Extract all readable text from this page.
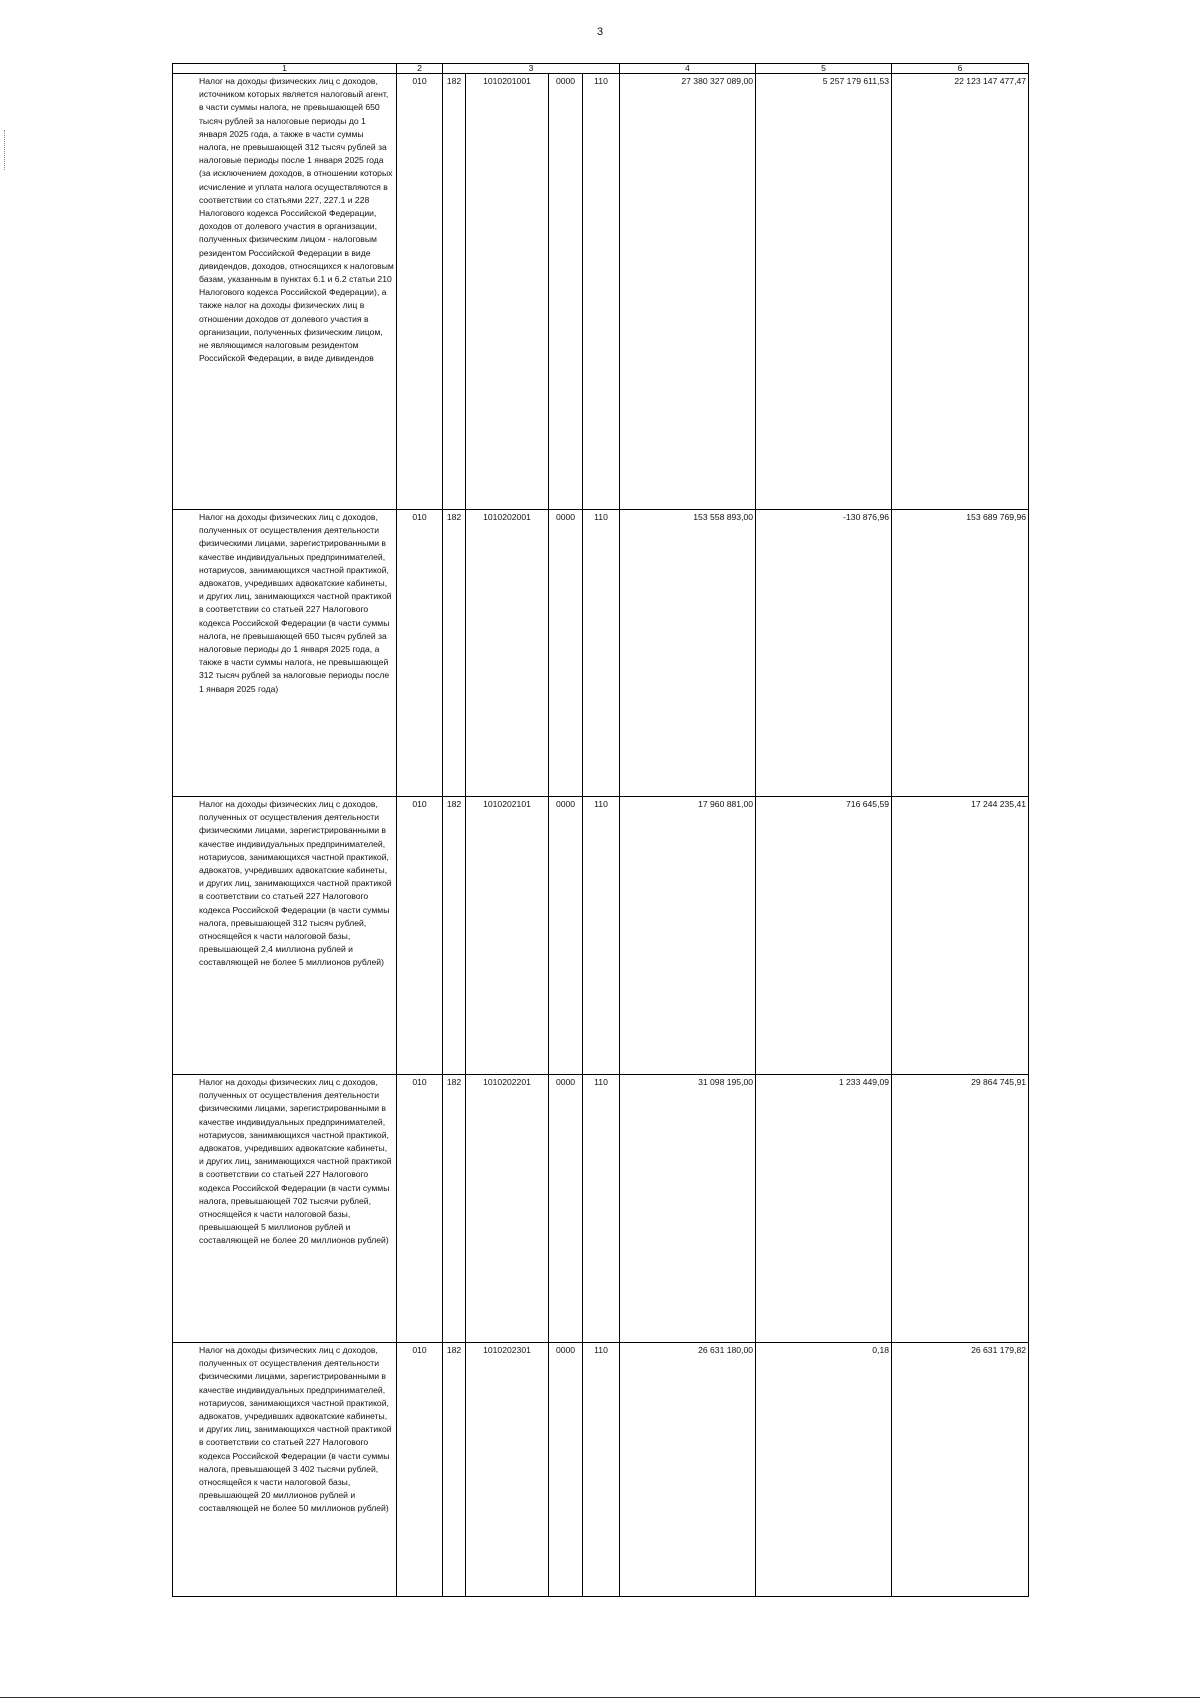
3
1	2	3				4	5	6
Налог на доходы физических лиц с доходов, источником которых является налоговый агент, в части суммы налога, не превышающей 650 тысяч рублей за налоговые периоды до 1 января 2025 года, а также в части суммы налога, не превышающей 312 тысяч рублей за налоговые периоды после 1 января 2025 года (за исключением доходов, в отношении которых исчисление и уплата налога осуществляются в соответствии со статьями 227, 227.1 и 228 Налогового кодекса Российской Федерации, доходов от долевого участия в организации, полученных физическим лицом - налоговым резидентом Российской Федерации в виде дивидендов, доходов, относящихся к налоговым базам, указанным в пунктах 6.1 и 6.2 статьи 210 Налогового кодекса Российской Федерации), а также налог на доходы физических лиц в отношении доходов от долевого участия в организации, полученных физическим лицом, не являющимся налоговым резидентом Российской Федерации, в виде дивидендов	010	182	1010201001	0000	110	27 380 327 089,00	5 257 179 611,53	22 123 147 477,47
Налог на доходы физических лиц с доходов, полученных от осуществления деятельности физическими лицами, зарегистрированными в качестве индивидуальных предпринимателей, нотариусов, занимающихся частной практикой, адвокатов, учредивших адвокатские кабинеты, и других лиц, занимающихся частной практикой в соответствии со статьей 227 Налогового кодекса Российской Федерации (в части суммы налога, не превышающей 650 тысяч рублей за налоговые периоды до 1 января 2025 года, а также в части суммы налога, не превышающей 312 тысяч рублей за налоговые периоды после 1 января 2025 года)	010	182	1010202001	0000	110	153 558 893,00	-130 876,96	153 689 769,96
Налог на доходы физических лиц с доходов, полученных от осуществления деятельности физическими лицами, зарегистрированными в качестве индивидуальных предпринимателей, нотариусов, занимающихся частной практикой, адвокатов, учредивших адвокатские кабинеты, и других лиц, занимающихся частной практикой в соответствии со статьей 227 Налогового кодекса Российской Федерации (в части суммы налога, превышающей 312 тысяч рублей, относящейся к части налоговой базы, превышающей 2,4 миллиона рублей и составляющей не более 5 миллионов рублей)	010	182	1010202101	0000	110	17 960 881,00	716 645,59	17 244 235,41
Налог на доходы физических лиц с доходов, полученных от осуществления деятельности физическими лицами, зарегистрированными в качестве индивидуальных предпринимателей, нотариусов, занимающихся частной практикой, адвокатов, учредивших адвокатские кабинеты, и других лиц, занимающихся частной практикой в соответствии со статьей 227 Налогового кодекса Российской Федерации (в части суммы налога, превышающей 702 тысячи рублей, относящейся к части налоговой базы, превышающей 5 миллионов рублей и составляющей не более 20 миллионов рублей)	010	182	1010202201	0000	110	31 098 195,00	1 233 449,09	29 864 745,91
Налог на доходы физических лиц с доходов, полученных от осуществления деятельности физическими лицами, зарегистрированными в качестве индивидуальных предпринимателей, нотариусов, занимающихся частной практикой, адвокатов, учредивших адвокатские кабинеты, и других лиц, занимающихся частной практикой в соответствии со статьей 227 Налогового кодекса Российской Федерации (в части суммы налога, превышающей 3 402 тысячи рублей, относящейся к части налоговой базы, превышающей 20 миллионов рублей и составляющей не более 50 миллионов рублей)	010	182	1010202301	0000	110	26 631 180,00	0,18	26 631 179,82
